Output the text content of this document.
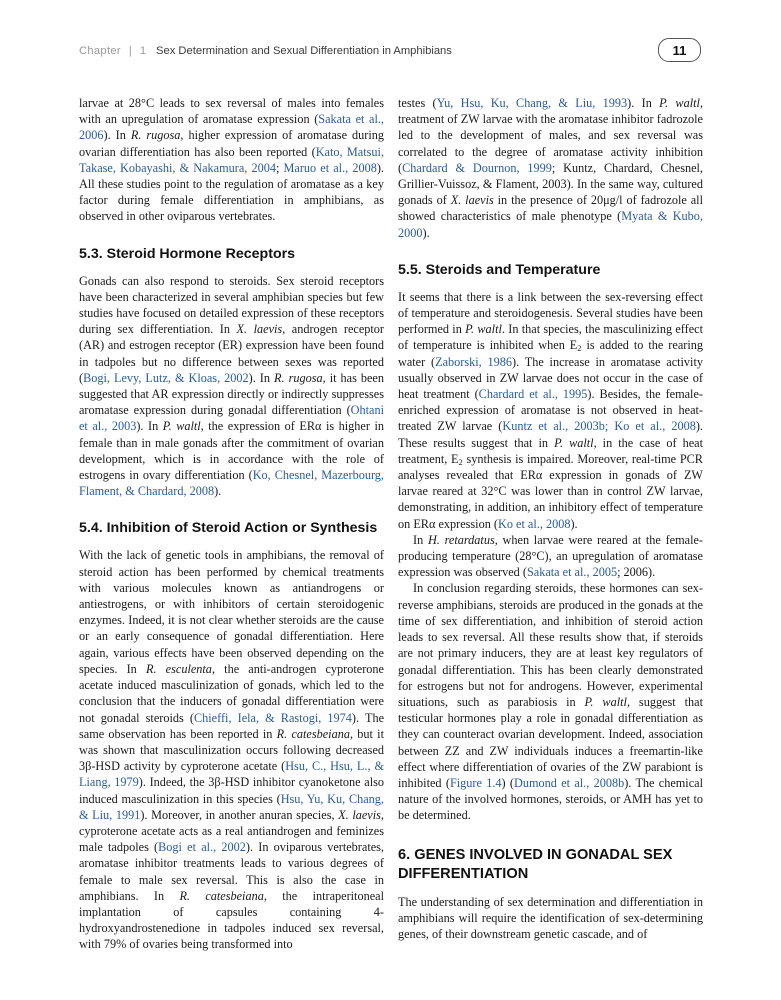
Chapter | 1 Sex Determination and Sexual Differentiation in Amphibians	11

larvae at 28°C leads to sex reversal of males into females with an upregulation of aromatase expression (Sakata et al., 2006). In R. rugosa, higher expression of aromatase during ovarian differentiation has also been reported (Kato, Matsui, Takase, Kobayashi, & Nakamura, 2004; Maruo et al., 2008). All these studies point to the regulation of aromatase as a key factor during female differentiation in amphibians, as observed in other oviparous vertebrates.

5.3. Steroid Hormone Receptors

Gonads can also respond to steroids. Sex steroid receptors have been characterized in several amphibian species but few studies have focused on detailed expression of these receptors during sex differentiation. In X. laevis, androgen receptor (AR) and estrogen receptor (ER) expression have been found in tadpoles but no difference between sexes was reported (Bogi, Levy, Lutz, & Kloas, 2002). In R. rugosa, it has been suggested that AR expression directly or indirectly suppresses aromatase expression during gonadal differentiation (Ohtani et al., 2003). In P. waltl, the expression of ERα is higher in female than in male gonads after the commitment of ovarian development, which is in accordance with the role of estrogens in ovary differentiation (Ko, Chesnel, Mazerbourg, Flament, & Chardard, 2008).

5.4. Inhibition of Steroid Action or Synthesis

With the lack of genetic tools in amphibians, the removal of steroid action has been performed by chemical treatments with various molecules known as antiandrogens or antiestrogens, or with inhibitors of certain steroidogenic enzymes. Indeed, it is not clear whether steroids are the cause or an early consequence of gonadal differentiation. Here again, various effects have been observed depending on the species. In R. esculenta, the anti-androgen cyproterone acetate induced masculinization of gonads, which led to the conclusion that the inducers of gonadal differentiation were not gonadal steroids (Chieffi, Iela, & Rastogi, 1974). The same observation has been reported in R. catesbeiana, but it was shown that masculinization occurs following decreased 3β-HSD activity by cyproterone acetate (Hsu, C., Hsu, L., & Liang, 1979). Indeed, the 3β-HSD inhibitor cyanoketone also induced masculinization in this species (Hsu, Yu, Ku, Chang, & Liu, 1991). Moreover, in another anuran species, X. laevis, cyproterone acetate acts as a real antiandrogen and feminizes male tadpoles (Bogi et al., 2002). In oviparous vertebrates, aromatase inhibitor treatments leads to various degrees of female to male sex reversal. This is also the case in amphibians. In R. catesbeiana, the intraperitoneal implantation of capsules containing 4-hydroxyandrostenedione in tadpoles induced sex reversal, with 79% of ovaries being transformed into

testes (Yu, Hsu, Ku, Chang, & Liu, 1993). In P. waltl, treatment of ZW larvae with the aromatase inhibitor fadrozole led to the development of males, and sex reversal was correlated to the degree of aromatase activity inhibition (Chardard & Dournon, 1999; Kuntz, Chardard, Chesnel, Grillier-Vuissoz, & Flament, 2003). In the same way, cultured gonads of X. laevis in the presence of 20μg/l of fadrozole all showed characteristics of male phenotype (Myata & Kubo, 2000).

5.5. Steroids and Temperature

It seems that there is a link between the sex-reversing effect of temperature and steroidogenesis. Several studies have been performed in P. waltl. In that species, the masculinizing effect of temperature is inhibited when $E_2$ is added to the rearing water (Zaborski, 1986). The increase in aromatase activity usually observed in ZW larvae does not occur in the case of heat treatment (Chardard et al., 1995). Besides, the female-enriched expression of aromatase is not observed in heat-treated ZW larvae (Kuntz et al., 2003b; Ko et al., 2008). These results suggest that in P. waltl, in the case of heat treatment, $E_2$ synthesis is impaired. Moreover, real-time PCR analyses revealed that ERα expression in gonads of ZW larvae reared at 32°C was lower than in control ZW larvae, demonstrating, in addition, an inhibitory effect of temperature on ERα expression (Ko et al., 2008).

In H. retardatus, when larvae were reared at the female-producing temperature (28°C), an upregulation of aromatase expression was observed (Sakata et al., 2005; 2006).

In conclusion regarding steroids, these hormones can sex-reverse amphibians, steroids are produced in the gonads at the time of sex differentiation, and inhibition of steroid action leads to sex reversal. All these results show that, if steroids are not primary inducers, they are at least key regulators of gonadal differentiation. This has been clearly demonstrated for estrogens but not for androgens. However, experimental situations, such as parabiosis in P. waltl, suggest that testicular hormones play a role in gonadal differentiation as they can counteract ovarian development. Indeed, association between ZZ and ZW individuals induces a freemartin-like effect where differentiation of ovaries of the ZW parabiont is inhibited (Figure 1.4) (Dumond et al., 2008b). The chemical nature of the involved hormones, steroids, or AMH has yet to be determined.

6. GENES INVOLVED IN GONADAL SEX DIFFERENTIATION

The understanding of sex determination and differentiation in amphibians will require the identification of sex-determining genes, of their downstream genetic cascade, and of
